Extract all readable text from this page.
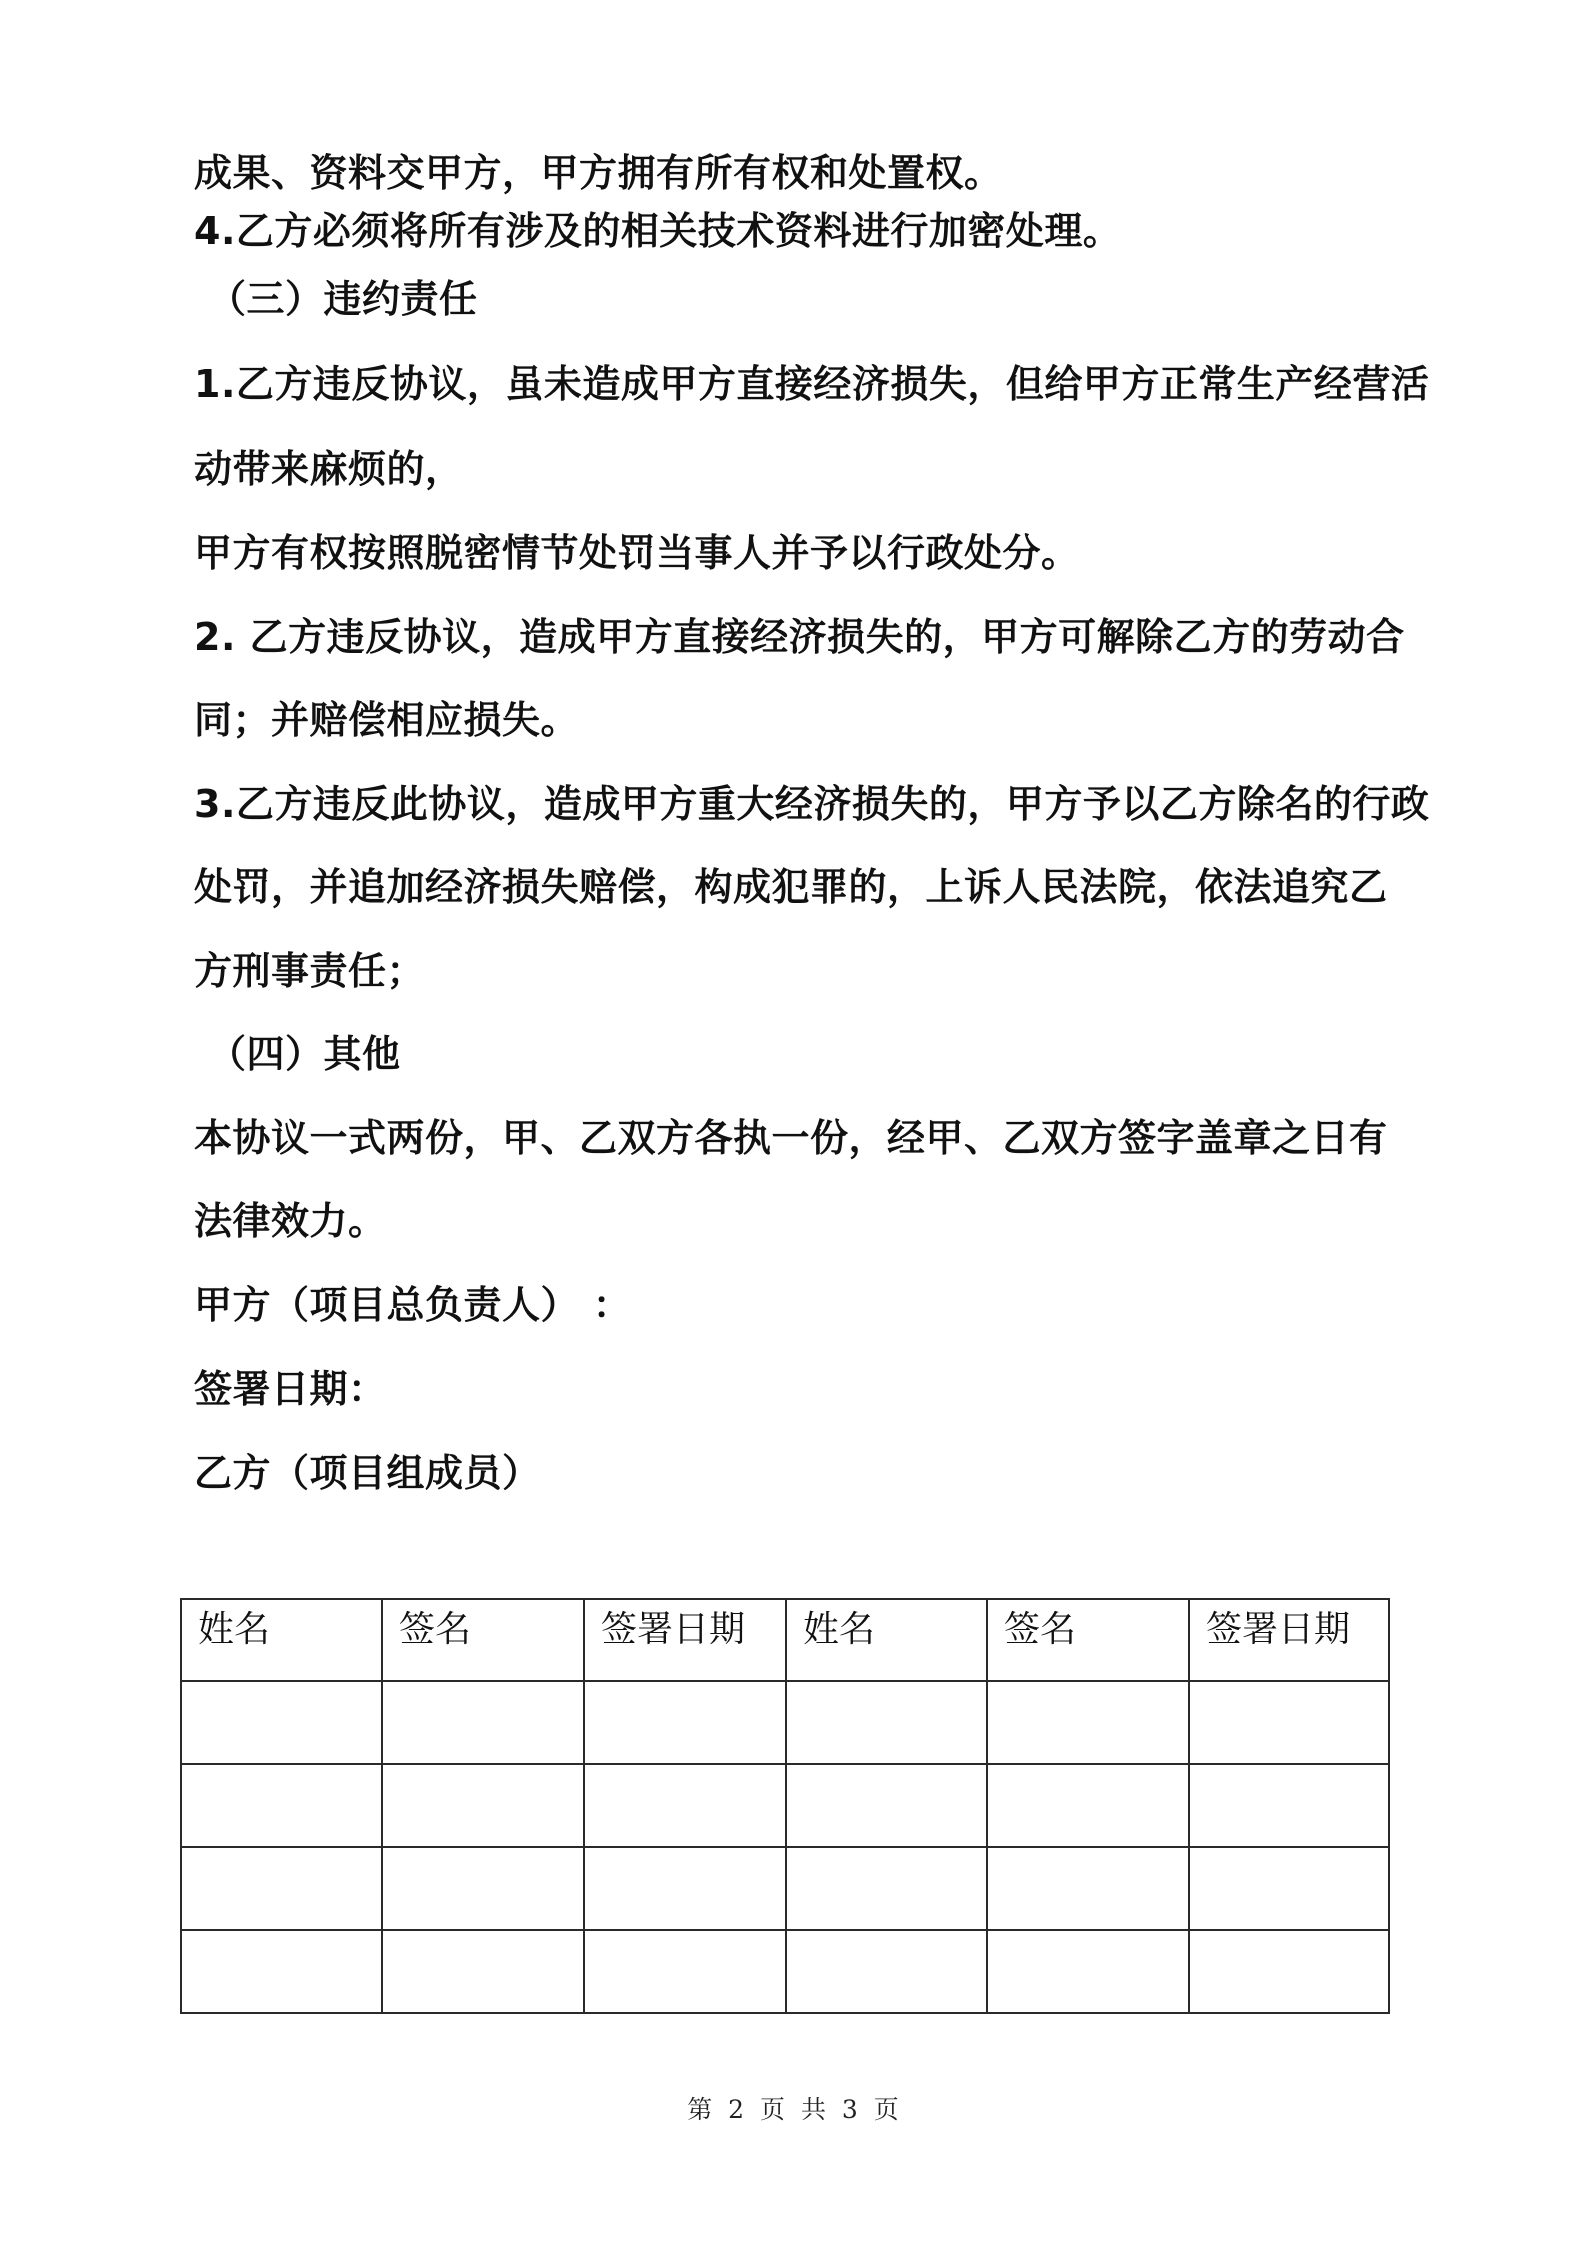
成果、资料交甲方，甲方拥有所有权和处置权。
4.乙方必须将所有涉及的相关技术资料进行加密处理。
（三）违约责任
1.乙方违反协议，虽未造成甲方直接经济损失，但给甲方正常生产经营活
动带来麻烦的，
甲方有权按照脱密情节处罚当事人并予以行政处分。
2. 乙方违反协议，造成甲方直接经济损失的，甲方可解除乙方的劳动合
同；并赔偿相应损失。
3.乙方违反此协议，造成甲方重大经济损失的，甲方予以乙方除名的行政
处罚，并追加经济损失赔偿，构成犯罪的，上诉人民法院，依法追究乙
方刑事责任；
（四）其他
本协议一式两份，甲、乙双方各执一份，经甲、乙双方签字盖章之日有
法律效力。
甲方（项目总负责人） ：
签署日期：
乙方（项目组成员）
姓名	签名	签署日期	姓名	签名	签署日期

第 2 页 共 3 页
